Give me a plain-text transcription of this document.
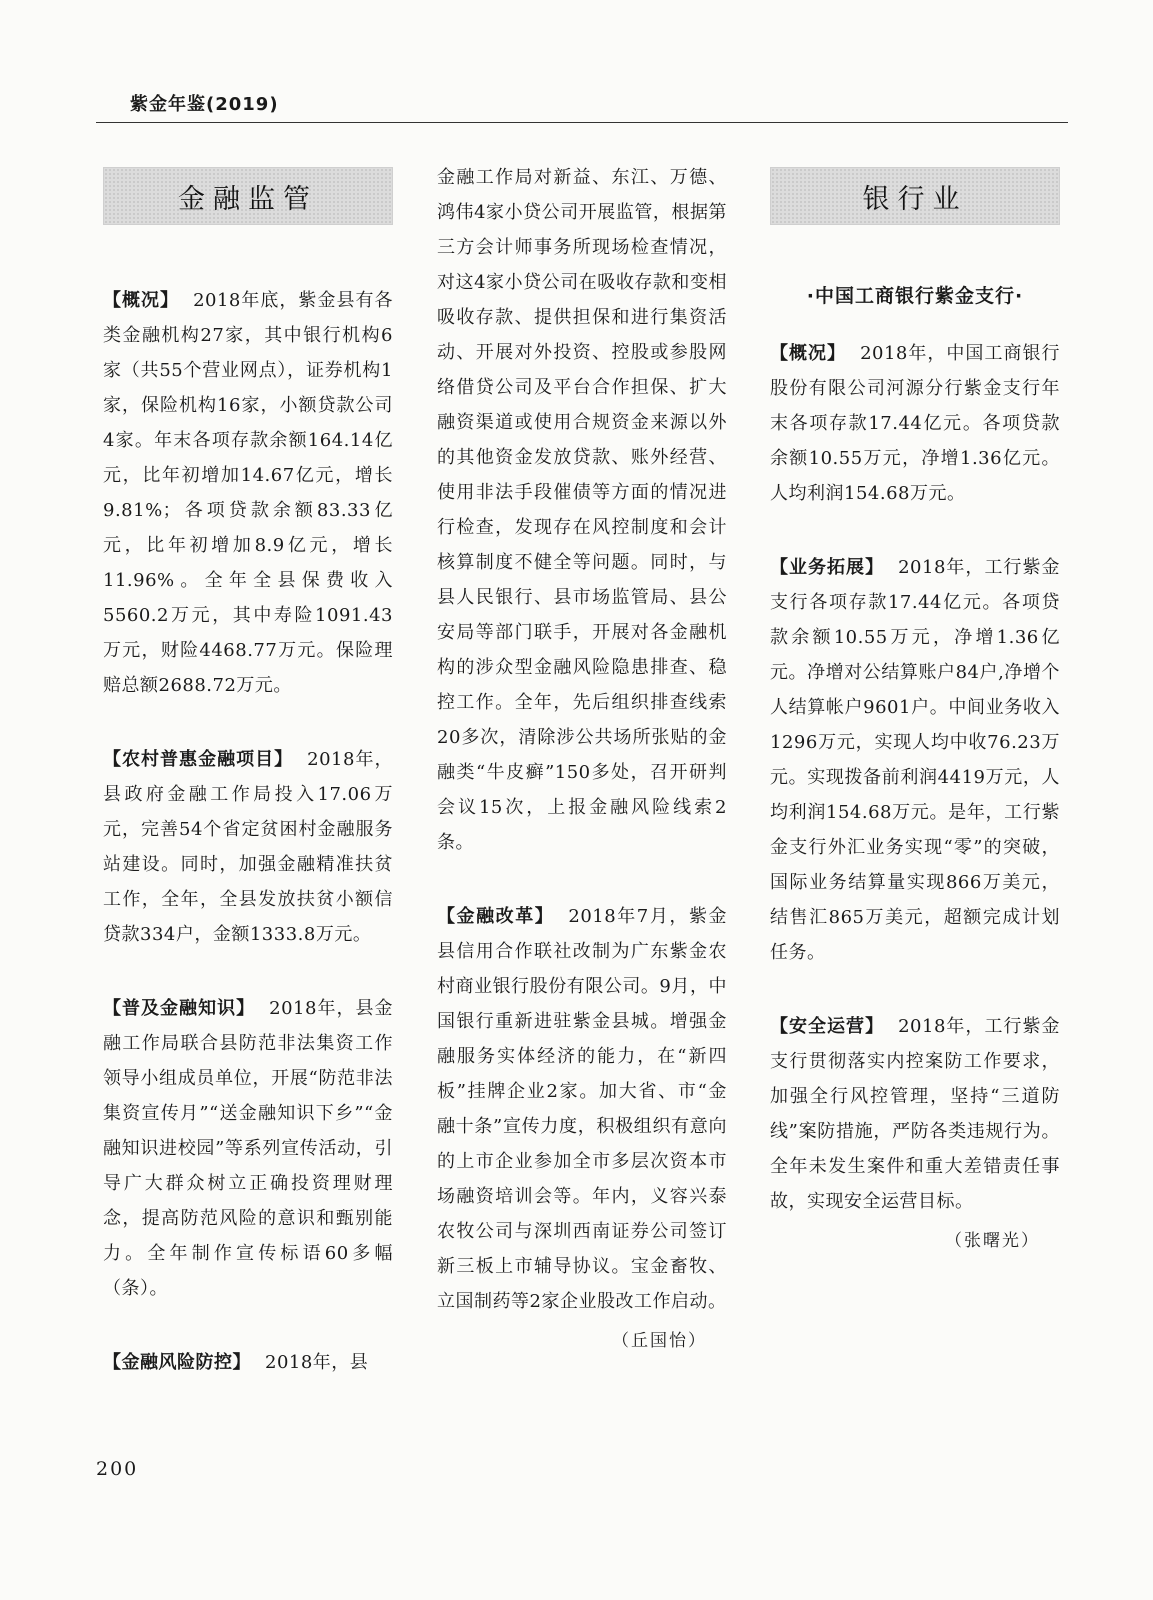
紫金年鉴(2019)
金融监管

【概况】 2018年底，紫金县有各类金融机构27家，其中银行机构6家（共55个营业网点），证券机构1家，保险机构16家，小额贷款公司4家。年末各项存款余额164.14亿元，比年初增加14.67亿元，增长9.81%；各项贷款余额83.33亿元，比年初增加8.9亿元，增长11.96%。全年全县保费收入5560.2万元，其中寿险1091.43万元，财险4468.77万元。保险理赔总额2688.72万元。

【农村普惠金融项目】 2018年，县政府金融工作局投入17.06万元，完善54个省定贫困村金融服务站建设。同时，加强金融精准扶贫工作，全年，全县发放扶贫小额信贷款334户，金额1333.8万元。

【普及金融知识】 2018年，县金融工作局联合县防范非法集资工作领导小组成员单位，开展“防范非法集资宣传月”“送金融知识下乡”“金融知识进校园”等系列宣传活动，引导广大群众树立正确投资理财理念，提高防范风险的意识和甄别能力。全年制作宣传标语60多幅（条）。

【金融风险防控】 2018年，县

金融工作局对新益、东江、万德、鸿伟4家小贷公司开展监管，根据第三方会计师事务所现场检查情况，对这4家小贷公司在吸收存款和变相吸收存款、提供担保和进行集资活动、开展对外投资、控股或参股网络借贷公司及平台合作担保、扩大融资渠道或使用合规资金来源以外的其他资金发放贷款、账外经营、使用非法手段催债等方面的情况进行检查，发现存在风控制度和会计核算制度不健全等问题。同时，与县人民银行、县市场监管局、县公安局等部门联手，开展对各金融机构的涉众型金融风险隐患排查、稳控工作。全年，先后组织排查线索20多次，清除涉公共场所张贴的金融类“牛皮癣”150多处，召开研判会议15次，上报金融风险线索2条。

【金融改革】 2018年7月，紫金县信用合作联社改制为广东紫金农村商业银行股份有限公司。9月，中国银行重新进驻紫金县城。增强金融服务实体经济的能力，在“新四板”挂牌企业2家。加大省、市“金融十条”宣传力度，积极组织有意向的上市企业参加全市多层次资本市场融资培训会等。年内，义容兴泰农牧公司与深圳西南证券公司签订新三板上市辅导协议。宝金畜牧、立国制药等2家企业股改工作启动。

（丘国怡）
银行业
·中国工商银行紫金支行·

【概况】 2018年，中国工商银行股份有限公司河源分行紫金支行年末各项存款17.44亿元。各项贷款余额10.55万元，净增1.36亿元。人均利润154.68万元。

【业务拓展】 2018年，工行紫金支行各项存款17.44亿元。各项贷款余额10.55万元，净增1.36亿元。净增对公结算账户84户,净增个人结算帐户9601户。中间业务收入1296万元，实现人均中收76.23万元。实现拨备前利润4419万元，人均利润154.68万元。是年，工行紫金支行外汇业务实现“零”的突破，国际业务结算量实现866万美元，结售汇865万美元，超额完成计划任务。

【安全运营】 2018年，工行紫金支行贯彻落实内控案防工作要求，加强全行风控管理，坚持“三道防线”案防措施，严防各类违规行为。全年未发生案件和重大差错责任事故，实现安全运营目标。

（张曙光）
200
